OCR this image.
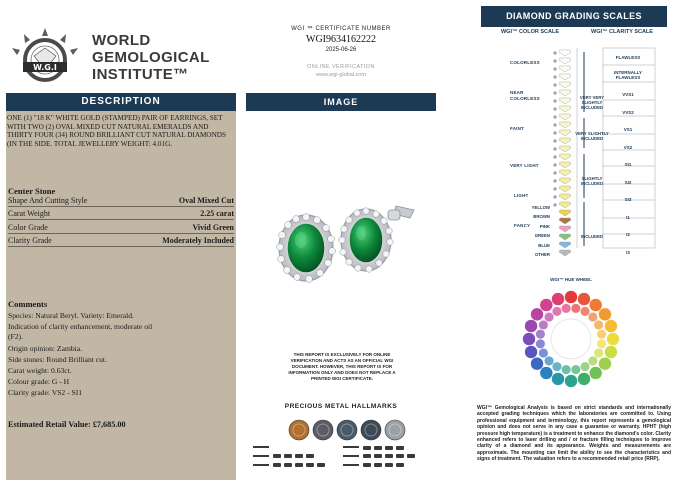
W.G.I
WORLD
GEMOLOGICAL
INSTITUTE™
DESCRIPTION
ONE (1) "18 K" WHITE GOLD (STAMPED) PAIR OF EARRINGS, SET WITH TWO (2) OVAL MIXED CUT NATURAL EMERALDS AND THIRTY FOUR (34) ROUND BRILLIANT CUT NATURAL DIAMONDS (IN THE SIDE. TOTAL JEWELLERY WEIGHT: 4.01G.
Center Stone
Shape And Cutting Style	Oval Mixed Cut
Carat Weight	2.25 carat
Color Grade	Vivid Green
Clarity Grade	Moderately Included
Comments
Species: Natural Beryl. Variety: Emerald.
Indication of clarity enhancement, moderate oil
(F2).
Origin opinion: Zambia.
Side stones: Round Brilliant cut.
Carat weight: 0.63ct.
Colour grade: G - H
Clarity grade: VS2 - SI1
Estimated Retail Value: £7,685.00
WGI ™ CERTIFICATE NUMBER
WGI9634162222
2025-06-26
ONLINE VERIFICATION
www.wgi-global.com
IMAGE
THIS REPORT IS EXCLUSIVELY FOR ONLINE VERIFICATION AND ACTS AS AN OFFICIAL WGI DOCUMENT. HOWEVER, THIS REPORT IS FOR INFORMATION ONLY AND DOES NOT REPLACE A PRINTED WGI CERTIFICATE.
PRECIOUS METAL HALLMARKS
DIAMOND GRADING SCALES
WGI™ COLOR SCALE	WGI™ CLARITY SCALE
COLORLESS
NEAR COLORLESS
FAINT
VERY LIGHT
LIGHT
FANCY
YELLOW
BROWN
PINK
GREEN
BLUE
OTHER
VERY VERY SLIGHTLY INCLUDED
VERY SLIGHTLY INCLUDED
SLIGHTLY INCLUDED
INCLUDED
FLAWLESS
INTERNALLY FLAWLESS
VVS1
VVS2
VS1
VS2
SI1
SI2
SI3
I1
I2
I3
WGI™ HUE WHEEL
WGI™ Gemological Analysis is based on strict standards and internationally accepted grading techniques which the laboratories are committed to. Using professional equipment and terminology, this report represents a gemological opinion and does not serve in any case a guarantee or warranty. HPHT (high pressure high temperature) is a treatment to enhance the diamond's color. Clarity enhanced refers to laser drilling and / or fracture filling techniques to improve clarity of a diamond and its appearance. Weights and measurements are approximate. The mounting can limit the ability to see the characteristics and signs of treatment. The valuation refers to a recommended retail price (RRP).
